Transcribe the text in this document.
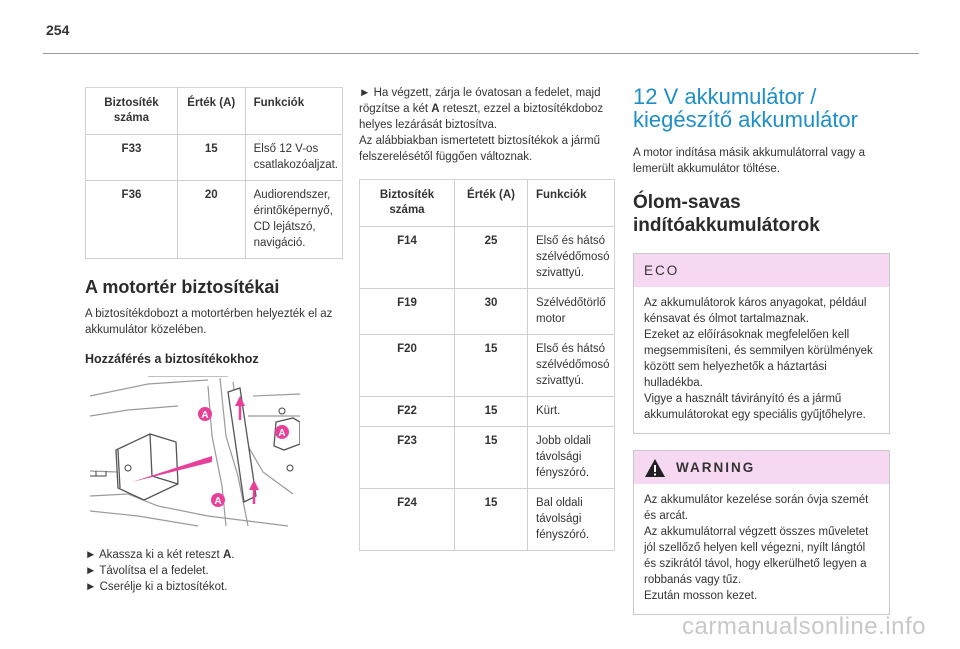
254
Biztosíték száma	Érték (A)	Funkciók
F33	15	Első 12 V-os csatlakozóaljzat.
F36	20	Audiorendszer, érintőképernyő, CD lejátszó, navigáció.
A motortér biztosítékai

A biztosítékdobozt a motortérben helyezték el az akkumulátor közelében.

Hozzáférés a biztosítékokhoz
A
A
A
► Akassza ki a két reteszt A.
► Távolítsa el a fedelet.
► Cserélje ki a biztosítékot.

► Ha végzett, zárja le óvatosan a fedelet, majd rögzítse a két A reteszt, ezzel a biztosítékdoboz helyes lezárását biztosítva.

Az alábbiakban ismertetett biztosítékok a jármű felszerelésétől függően változnak.

Biztosíték száma	Érték (A)	Funkciók
F14	25	Első és hátsó szélvédőmosó szivattyú.
F19	30	Szélvédőtörlő motor
F20	15	Első és hátsó szélvédőmosó szivattyú.
F22	15	Kürt.
F23	15	Jobb oldali távolsági fényszóró.
F24	15	Bal oldali távolsági fényszóró.
12 V akkumulátor / kiegészítő akkumulátor

A motor indítása másik akkumulátorral vagy a lemerült akkumulátor töltése.

Ólom-savas indítóakkumulátorok
ECO
Az akkumulátorok káros anyagokat, például kénsavat és ólmot tartalmaznak.
Ezeket az előírásoknak megfelelően kell megsemmisíteni, és semmilyen körülmények között sem helyezhetők a háztartási hulladékba.
Vigye a használt távirányító és a jármű akkumulátorokat egy speciális gyűjtőhelyre.
WARNING
Az akkumulátor kezelése során óvja szemét és arcát.
Az akkumulátorral végzett összes műveletet jól szellőző helyen kell végezni, nyílt lángtól és szikrától távol, hogy elkerülhető legyen a robbanás vagy tűz.
Ezután mosson kezet.
carmanualsonline.info
